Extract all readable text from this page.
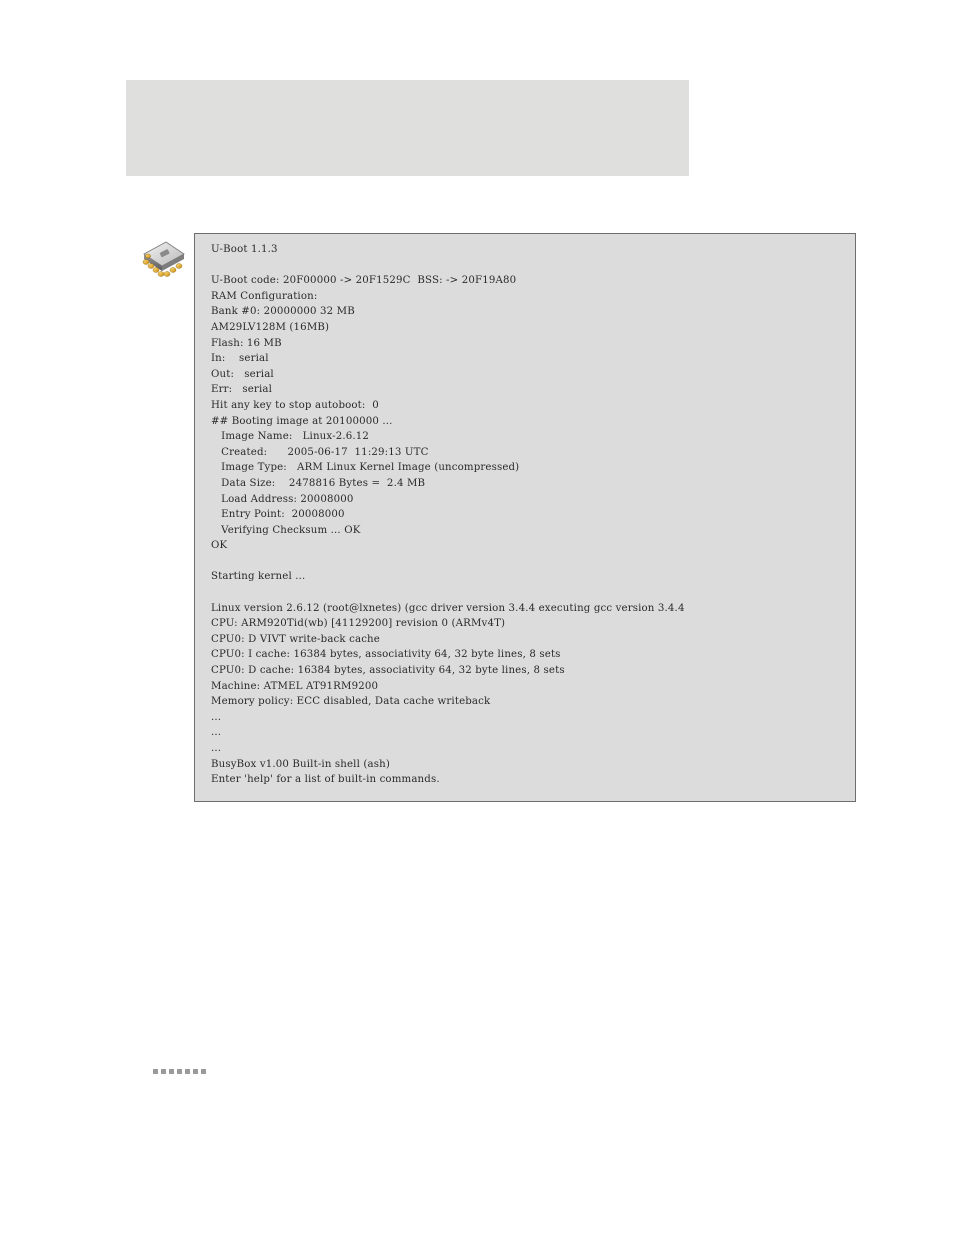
U-Boot 1.1.3
U-Boot code: 20F00000 -> 20F1529C  BSS: -> 20F19A80
RAM Configuration:
Bank #0: 20000000 32 MB
AM29LV128M (16MB)
Flash: 16 MB
In:    serial
Out:   serial
Err:   serial
Hit any key to stop autoboot:  0
## Booting image at 20100000 ...
Image Name:   Linux-2.6.12
Created:      2005-06-17  11:29:13 UTC
Image Type:   ARM Linux Kernel Image (uncompressed)
Data Size:    2478816 Bytes =  2.4 MB
Load Address: 20008000
Entry Point:  20008000
Verifying Checksum ... OK
OK
Starting kernel ...
Linux version 2.6.12 (root@lxnetes) (gcc driver version 3.4.4 executing gcc version 3.4.4
CPU: ARM920Tid(wb) [41129200] revision 0 (ARMv4T)
CPU0: D VIVT write-back cache
CPU0: I cache: 16384 bytes, associativity 64, 32 byte lines, 8 sets
CPU0: D cache: 16384 bytes, associativity 64, 32 byte lines, 8 sets
Machine: ATMEL AT91RM9200
Memory policy: ECC disabled, Data cache writeback
...
...
...
BusyBox v1.00 Built-in shell (ash)
Enter 'help' for a list of built-in commands.
